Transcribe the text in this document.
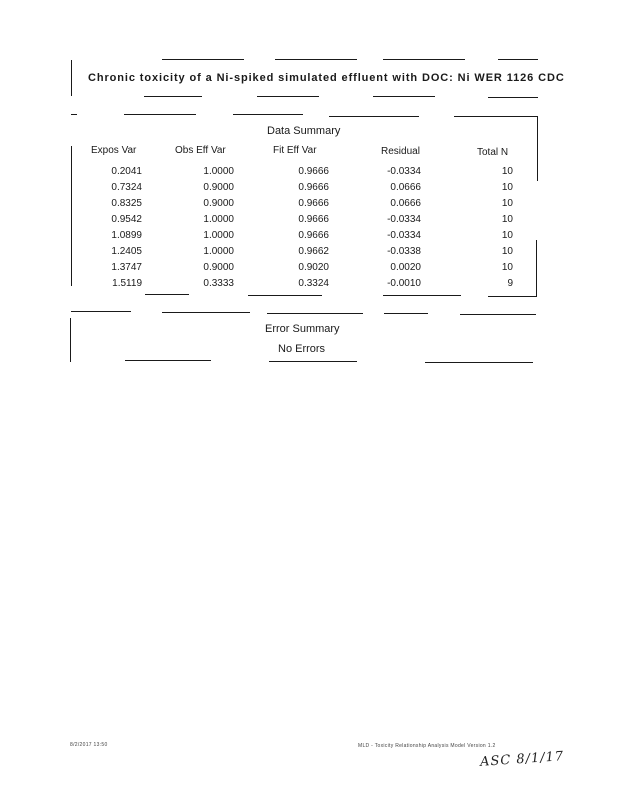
Chronic toxicity of a Ni-spiked simulated effluent with DOC: Ni WER 1126 CDC
Data Summary
Expos Var	Obs Eff Var	Fit Eff Var	Residual	Total N
0.2041	1.0000	0.9666	-0.0334	10
0.7324	0.9000	0.9666	0.0666	10
0.8325	0.9000	0.9666	0.0666	10
0.9542	1.0000	0.9666	-0.0334	10
1.0899	1.0000	0.9666	-0.0334	10
1.2405	1.0000	0.9662	-0.0338	10
1.3747	0.9000	0.9020	0.0020	10
1.5119	0.3333	0.3324	-0.0010	9
Error Summary
No Errors
8/2/2017 13:50	MLD - Toxicity Relationship Analysis Model Version 1.2
ASC 8/1/17
